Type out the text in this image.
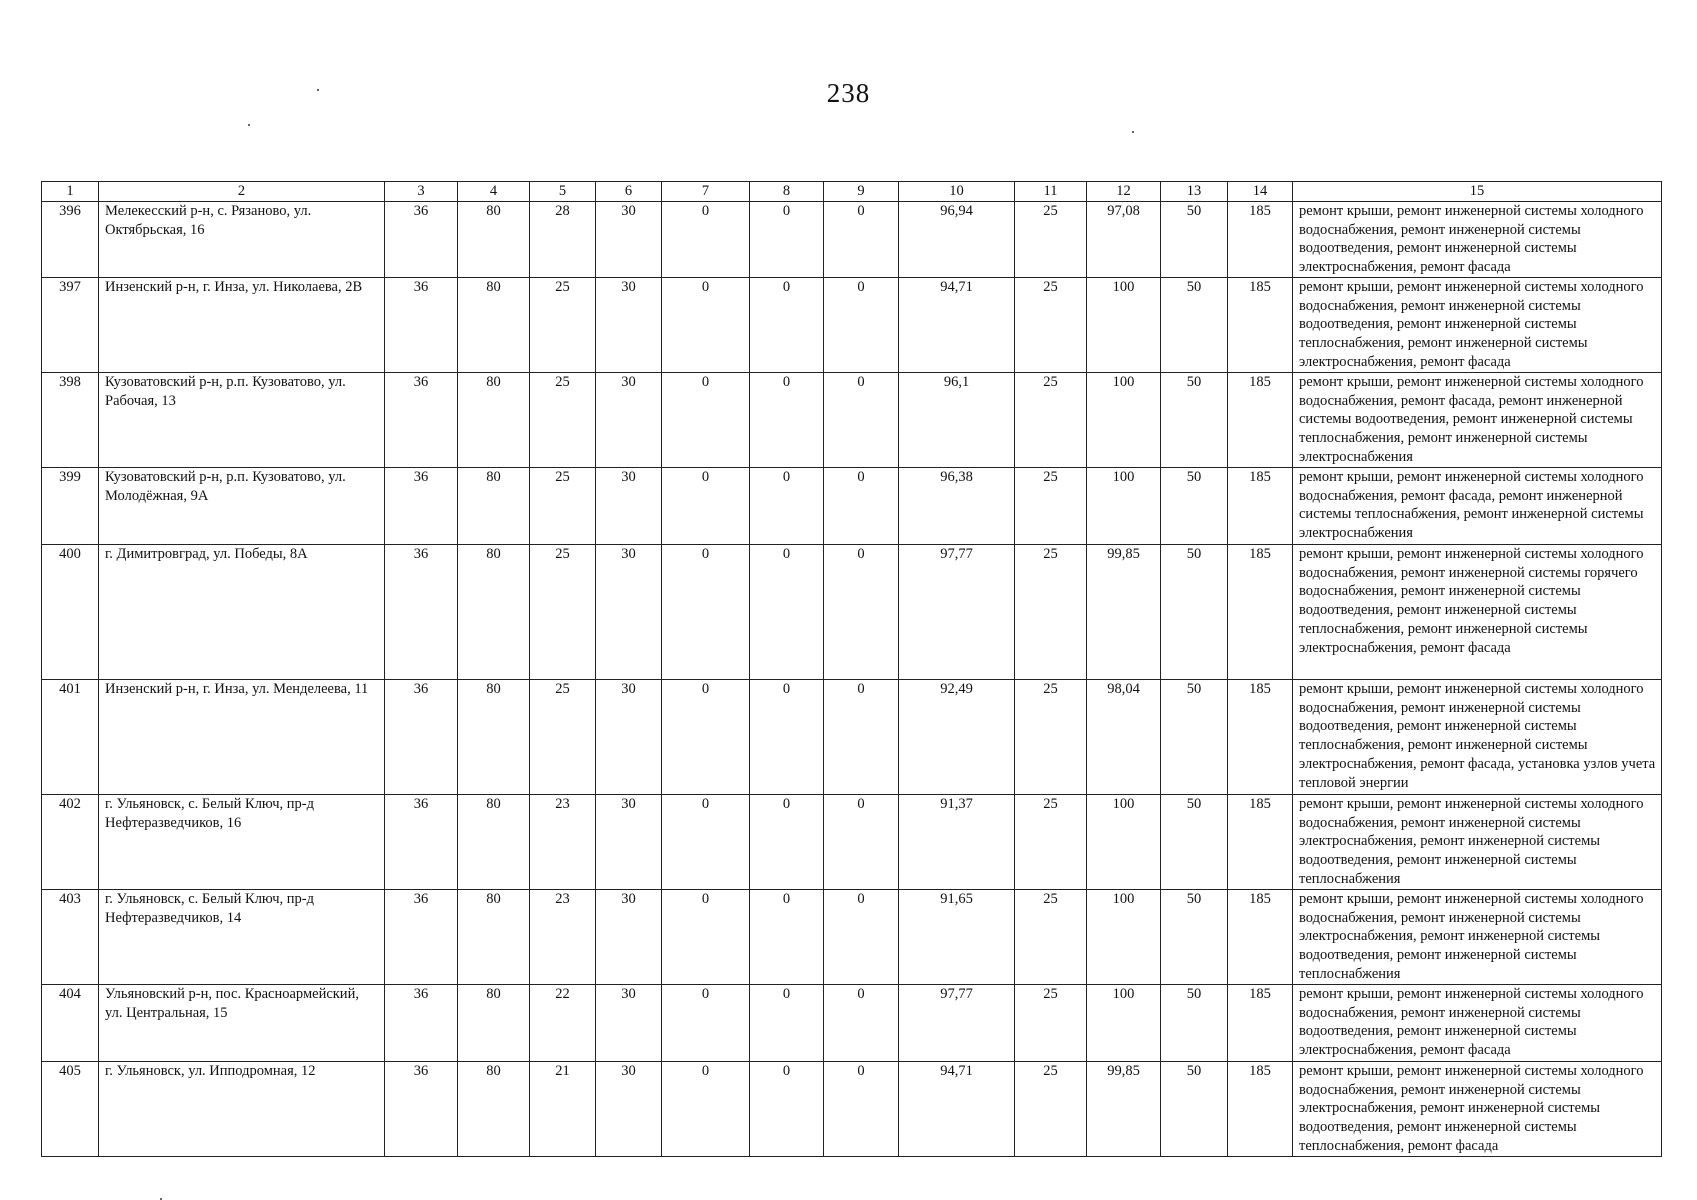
238
1	2	3	4	5	6	7	8	9	10	11	12	13	14	15
396	Мелекесский р-н, с. Рязаново, ул. Октябрьская, 16	36	80	28	30	0	0	0	96,94	25	97,08	50	185	ремонт крыши, ремонт инженерной системы холодного водоснабжения, ремонт инженерной системы водоотведения, ремонт инженерной системы электроснабжения, ремонт фасада
397	Инзенский р-н, г. Инза, ул. Николаева, 2В	36	80	25	30	0	0	0	94,71	25	100	50	185	ремонт крыши, ремонт инженерной системы холодного водоснабжения, ремонт инженерной системы водоотведения, ремонт инженерной системы теплоснабжения, ремонт инженерной системы электроснабжения, ремонт фасада
398	Кузоватовский р-н, р.п. Кузоватово, ул. Рабочая, 13	36	80	25	30	0	0	0	96,1	25	100	50	185	ремонт крыши, ремонт инженерной системы холодного водоснабжения, ремонт фасада, ремонт инженерной системы водоотведения, ремонт инженерной системы теплоснабжения, ремонт инженерной системы электроснабжения
399	Кузоватовский р-н, р.п. Кузоватово, ул. Молодёжная, 9А	36	80	25	30	0	0	0	96,38	25	100	50	185	ремонт крыши, ремонт инженерной системы холодного водоснабжения, ремонт фасада, ремонт инженерной системы теплоснабжения, ремонт инженерной системы электроснабжения
400	г. Димитровград, ул. Победы, 8А	36	80	25	30	0	0	0	97,77	25	99,85	50	185	ремонт крыши, ремонт инженерной системы холодного водоснабжения, ремонт инженерной системы горячего водоснабжения, ремонт инженерной системы водоотведения, ремонт инженерной системы теплоснабжения, ремонт инженерной системы электроснабжения, ремонт фасада
401	Инзенский р-н, г. Инза, ул. Менделеева, 11	36	80	25	30	0	0	0	92,49	25	98,04	50	185	ремонт крыши, ремонт инженерной системы холодного водоснабжения, ремонт инженерной системы водоотведения, ремонт инженерной системы теплоснабжения, ремонт инженерной системы электроснабжения, ремонт фасада, установка узлов учета тепловой энергии
402	г. Ульяновск, с. Белый Ключ, пр-д Нефтеразведчиков, 16	36	80	23	30	0	0	0	91,37	25	100	50	185	ремонт крыши, ремонт инженерной системы холодного водоснабжения, ремонт инженерной системы электроснабжения, ремонт инженерной системы водоотведения, ремонт инженерной системы теплоснабжения
403	г. Ульяновск, с. Белый Ключ, пр-д Нефтеразведчиков, 14	36	80	23	30	0	0	0	91,65	25	100	50	185	ремонт крыши, ремонт инженерной системы холодного водоснабжения, ремонт инженерной системы электроснабжения, ремонт инженерной системы водоотведения, ремонт инженерной системы теплоснабжения
404	Ульяновский р-н, пос. Красноармейский, ул. Центральная, 15	36	80	22	30	0	0	0	97,77	25	100	50	185	ремонт крыши, ремонт инженерной системы холодного водоснабжения, ремонт инженерной системы водоотведения, ремонт инженерной системы электроснабжения, ремонт фасада
405	г. Ульяновск, ул. Ипподромная, 12	36	80	21	30	0	0	0	94,71	25	99,85	50	185	ремонт крыши, ремонт инженерной системы холодного водоснабжения, ремонт инженерной системы электроснабжения, ремонт инженерной системы водоотведения, ремонт инженерной системы теплоснабжения, ремонт фасада
